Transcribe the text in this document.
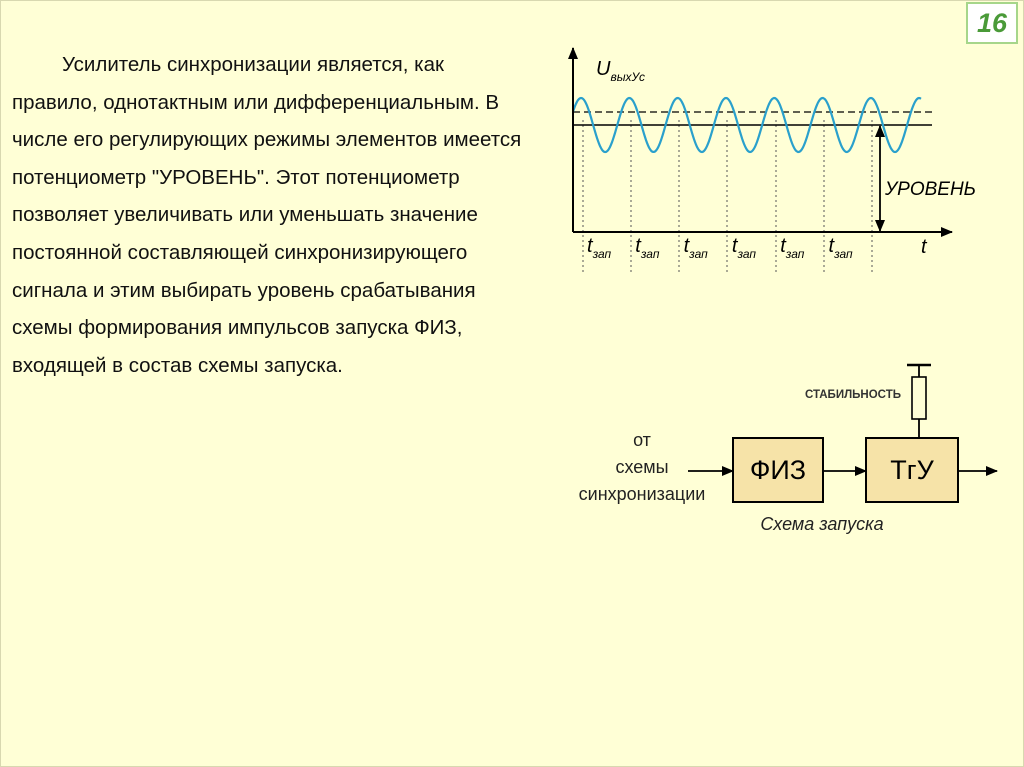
16

Усилитель синхронизации является, как правило, однотактным или дифференциальным. В числе его регулирующих режимы элементов имеется потенциометр "УРОВЕНЬ". Этот потенциометр позволяет увеличивать или уменьшать значение постоянной составляющей синхронизирующего сигнала и этим выбирать уровень срабатывания схемы формирования импульсов запуска ФИЗ, входящей в состав схемы запуска.

$U_{выхУс}$
t
УРОВЕНЬ
$t_{зап}$ $t_{зап}$ $t_{зап}$ $t_{зап}$ $t_{зап}$ $t_{зап}$
от
схемы
синхронизации
ФИЗ	ТгУ
СТАБИЛЬНОСТЬ
Схема запуска
